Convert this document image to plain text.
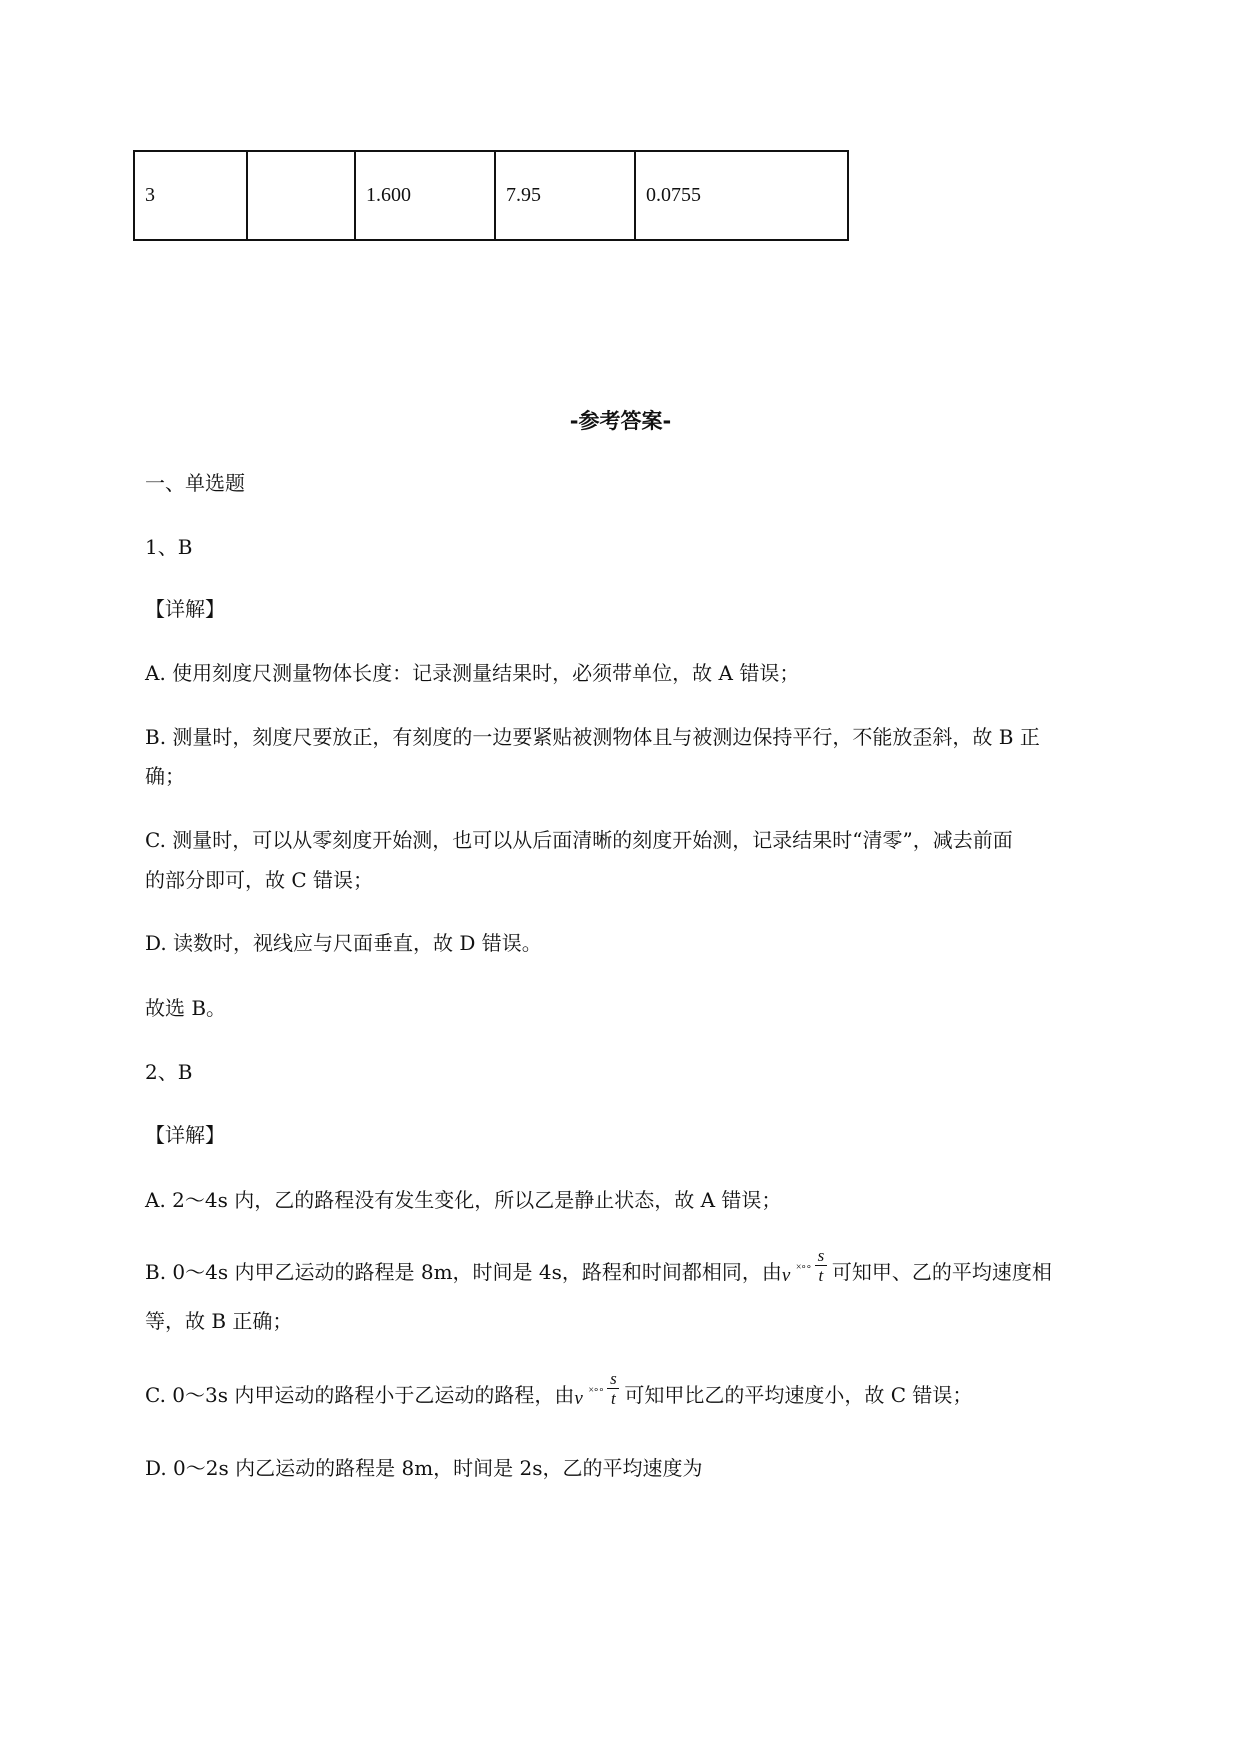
3		1.600	7.95	0.0755
-参考答案-
一、单选题
1、B
【详解】
A. 使用刻度尺测量物体长度：记录测量结果时，必须带单位，故 A 错误；
B. 测量时，刻度尺要放正，有刻度的一边要紧贴被测物体且与被测边保持平行，不能放歪斜，故 B 正
确；
C. 测量时，可以从零刻度开始测，也可以从后面清晰的刻度开始测，记录结果时“清零”，减去前面
的部分即可，故 C 错误；
D. 读数时，视线应与尺面垂直，故 D 错误。
故选 B。
2、B
【详解】
A. 2～4s 内，乙的路程没有发生变化，所以乙是静止状态，故 A 错误；
B. 0～4s 内甲乙运动的路程是 8m，时间是 4s，路程和时间都相同，由 v ×∘∘
s
t 可知甲、乙的平均速度相
等，故 B 正确；
C. 0～3s 内甲运动的路程小于乙运动的路程，由 v ×∘∘
s
t 可知甲比乙的平均速度小，故 C 错误；
D. 0～2s 内乙运动的路程是 8m，时间是 2s，乙的平均速度为
